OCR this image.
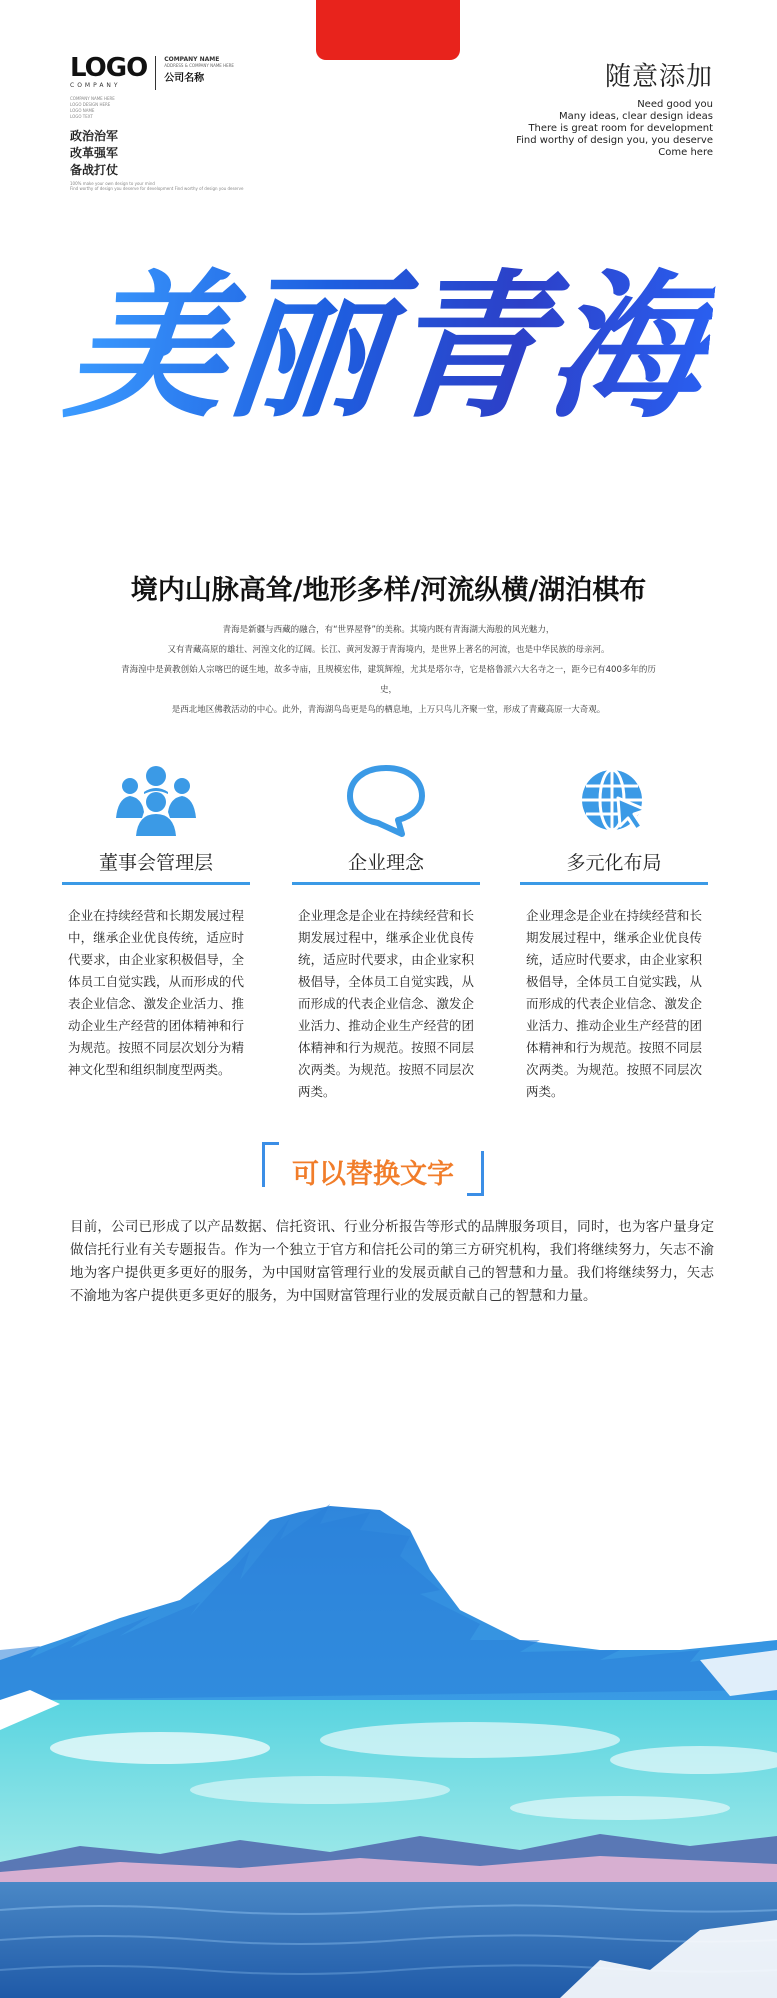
LOGO
COMPANY
COMPANY NAME
ADDRESS & COMPANY NAME HERE
公司名称
COMPANY NAME HERE
LOGO DESIGN HERE
LOGO NAME
LOGO TEXT
政治治军
改革强军
备战打仗
100% make your own design to your mind
Find worthy of design you deserve for development Find worthy of design you deserve
随意添加
Need good you
Many ideas, clear design ideas
There is great room for development
Find worthy of design you, you deserve
Come here
美丽青海
境内山脉高耸/地形多样/河流纵横/湖泊棋布
青海是新疆与西藏的融合，有“世界屋脊”的美称。其境内既有青海湖大海般的风光魅力，
又有青藏高原的雄壮、河湟文化的辽阔。长江、黄河发源于青海境内，是世界上著名的河流，也是中华民族的母亲河。
青海湟中是黄教创始人宗喀巴的诞生地，故多寺庙，且规模宏伟，建筑辉煌，尤其是塔尔寺，它是格鲁派六大名寺之一，距今已有400多年的历史，
是西北地区佛教活动的中心。此外，青海湖鸟岛更是鸟的栖息地，上万只鸟儿齐聚一堂，形成了青藏高原一大奇观。
董事会管理层
企业在持续经营和长期发展过程中，继承企业优良传统，适应时代要求，由企业家积极倡导，全体员工自觉实践，从而形成的代表企业信念、激发企业活力、推动企业生产经营的团体精神和行为规范。按照不同层次划分为精神文化型和组织制度型两类。
企业理念
企业理念是企业在持续经营和长期发展过程中，继承企业优良传统，适应时代要求，由企业家积极倡导，全体员工自觉实践，从而形成的代表企业信念、激发企业活力、推动企业生产经营的团体精神和行为规范。按照不同层次两类。为规范。按照不同层次两类。
多元化布局
企业理念是企业在持续经营和长期发展过程中，继承企业优良传统，适应时代要求，由企业家积极倡导，全体员工自觉实践，从而形成的代表企业信念、激发企业活力、推动企业生产经营的团体精神和行为规范。按照不同层次两类。为规范。按照不同层次两类。
可以替换文字
目前，公司已形成了以产品数据、信托资讯、行业分析报告等形式的品牌服务项目，同时，也为客户量身定做信托行业有关专题报告。作为一个独立于官方和信托公司的第三方研究机构，我们将继续努力，矢志不渝地为客户提供更多更好的服务，为中国财富管理行业的发展贡献自己的智慧和力量。我们将继续努力，矢志不渝地为客户提供更多更好的服务，为中国财富管理行业的发展贡献自己的智慧和力量。
